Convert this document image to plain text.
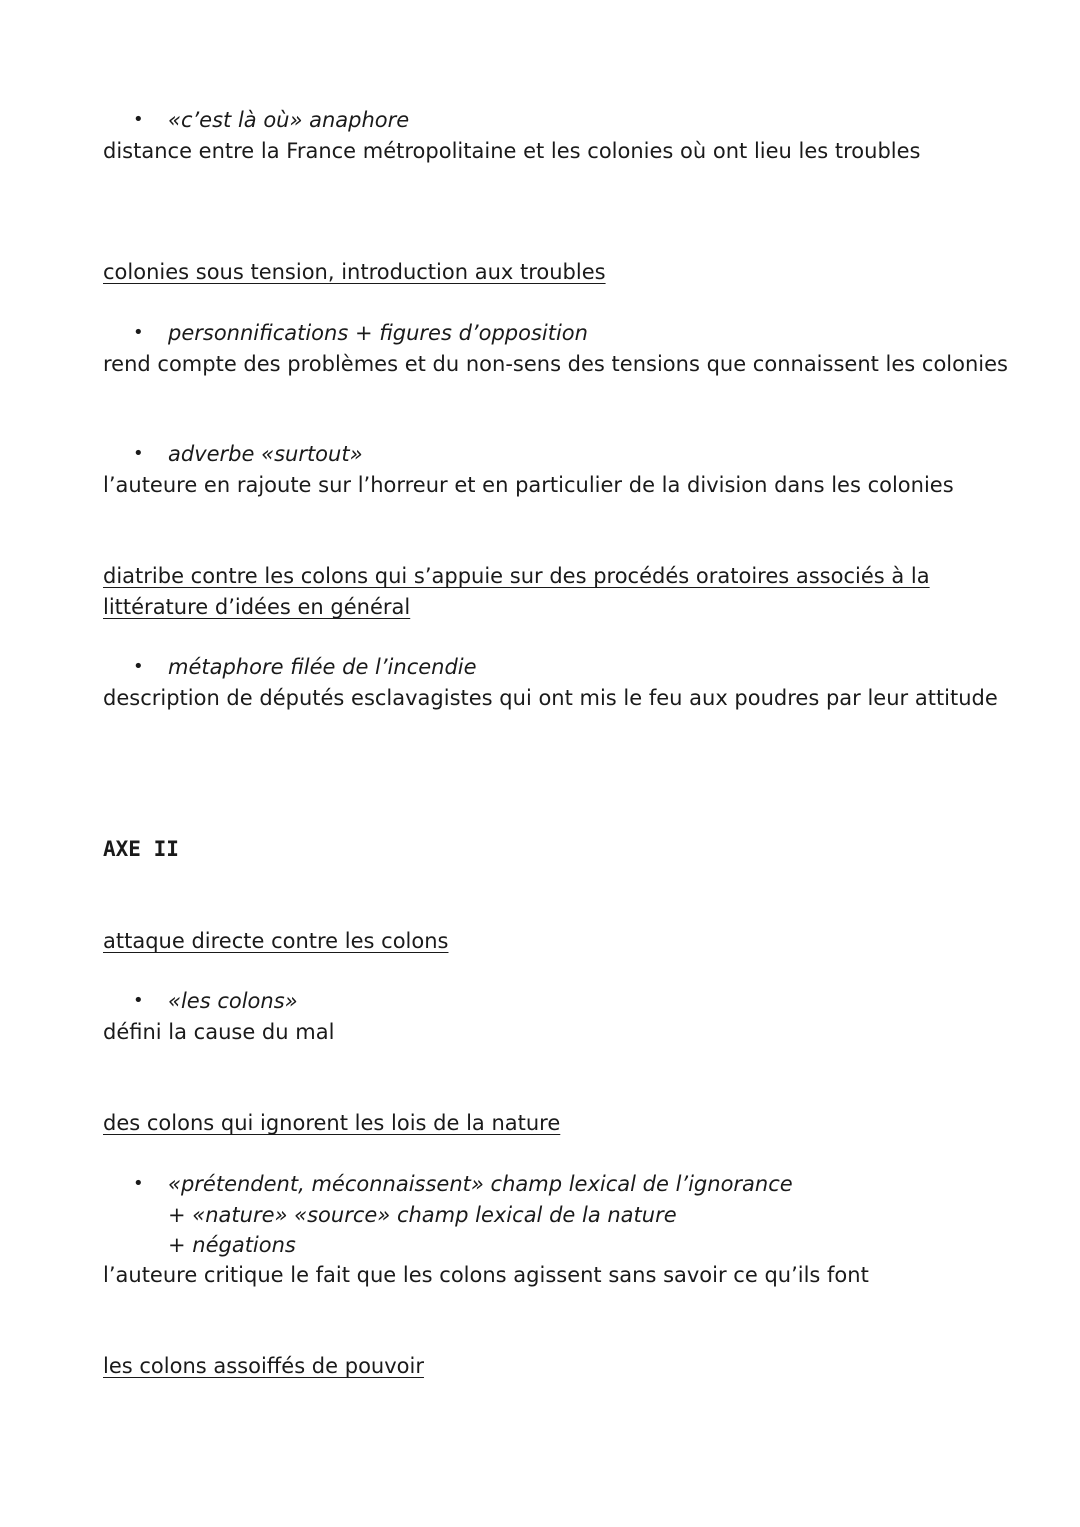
• «c’est là où» anaphore
distance entre la France métropolitaine et les colonies où ont lieu les troubles
colonies sous tension, introduction aux troubles
• personnifications + figures d’opposition
rend compte des problèmes et du non-sens des tensions que connaissent les colonies
• adverbe «surtout»
l’auteure en rajoute sur l’horreur et en particulier de la division dans les colonies
diatribe contre les colons qui s’appuie sur des procédés oratoires associés à la
littérature d’idées en général
• métaphore filée de l’incendie
description de députés esclavagistes qui ont mis le feu aux poudres par leur attitude
AXE II
attaque directe contre les colons
• «les colons»
défini la cause du mal
des colons qui ignorent les lois de la nature
• «prétendent, méconnaissent» champ lexical de l’ignorance
+ «nature» «source» champ lexical de la nature
+ négations
l’auteure critique le fait que les colons agissent sans savoir ce qu’ils font
les colons assoiffés de pouvoir
